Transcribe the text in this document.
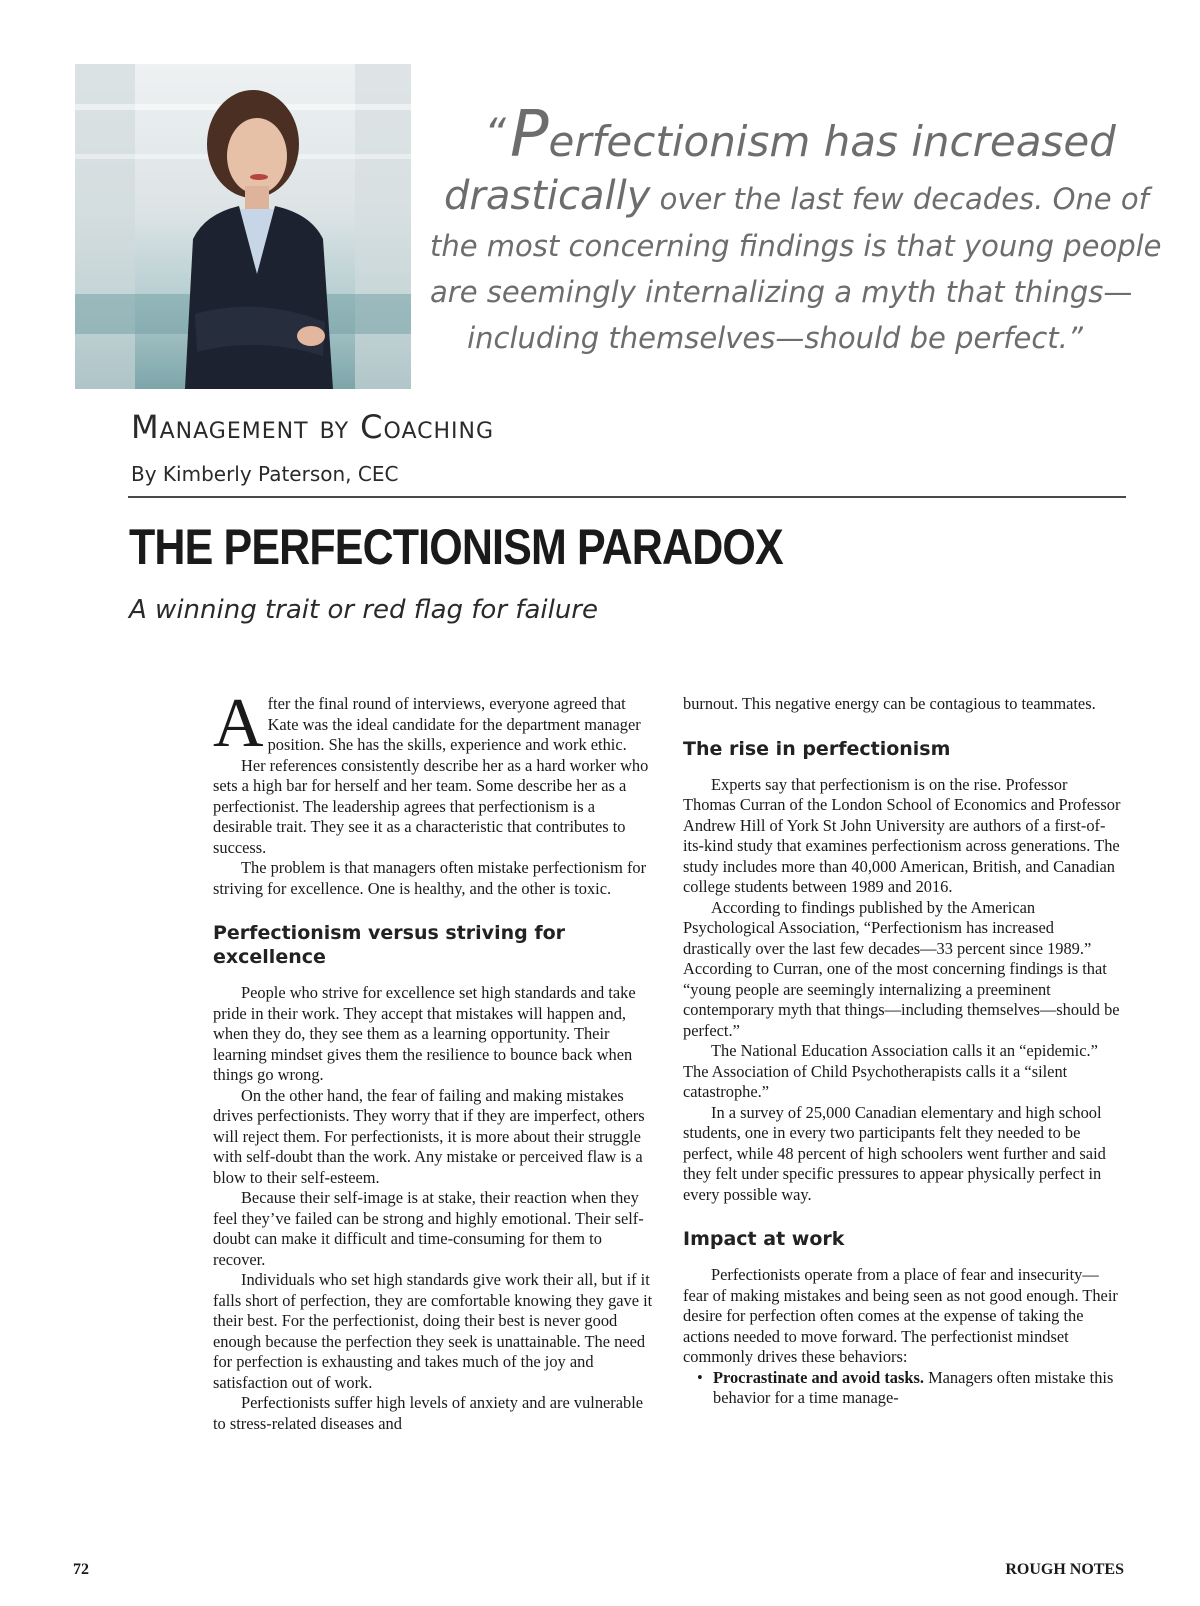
“Perfectionism has increased
drastically over the last few decades. One of
the most concerning findings is that young people
are seemingly internalizing a myth that things—
including themselves—should be perfect.”
Management by Coaching
By Kimberly Paterson, CEC
THE PERFECTIONISM PARADOX
A winning trait or red flag for failure

After the final round of interviews, everyone agreed that Kate was the ideal candidate for the department manager position. She has the skills, experience and work ethic.

Her references consistently describe her as a hard worker who sets a high bar for herself and her team. Some describe her as a perfectionist. The leadership agrees that perfectionism is a desirable trait. They see it as a characteristic that contributes to success.

The problem is that managers often mistake perfectionism for striving for excellence. One is healthy, and the other is toxic.

Perfectionism versus striving for excellence

People who strive for excellence set high standards and take pride in their work. They accept that mistakes will happen and, when they do, they see them as a learning opportunity. Their learning mindset gives them the resilience to bounce back when things go wrong.

On the other hand, the fear of failing and making mistakes drives perfectionists. They worry that if they are imperfect, others will reject them. For perfectionists, it is more about their struggle with self-doubt than the work. Any mistake or perceived flaw is a blow to their self-esteem.

Because their self-image is at stake, their reaction when they feel they’ve failed can be strong and highly emotional. Their self-doubt can make it difficult and time-consuming for them to recover.

Individuals who set high standards give work their all, but if it falls short of perfection, they are comfortable knowing they gave it their best. For the perfectionist, doing their best is never good enough because the perfection they seek is unattainable. The need for perfection is exhausting and takes much of the joy and satisfaction out of work.

Perfectionists suffer high levels of anxiety and are vulnerable to stress-related diseases and

burnout. This negative energy can be contagious to teammates.

The rise in perfectionism

Experts say that perfectionism is on the rise. Professor Thomas Curran of the London School of Economics and Professor Andrew Hill of York St John University are authors of a first-of-its-kind study that examines perfectionism across generations. The study includes more than 40,000 American, British, and Canadian college students between 1989 and 2016.

According to findings published by the American Psychological Association, “Perfectionism has increased drastically over the last few decades—33 percent since 1989.” According to Curran, one of the most concerning findings is that “young people are seemingly internalizing a preeminent contemporary myth that things—including themselves—should be perfect.”

The National Education Association calls it an “epidemic.” The Association of Child Psychotherapists calls it a “silent catastrophe.”

In a survey of 25,000 Canadian elementary and high school students, one in every two participants felt they needed to be perfect, while 48 percent of high schoolers went further and said they felt under specific pressures to appear physically perfect in every possible way.

Impact at work

Perfectionists operate from a place of fear and insecurity—fear of making mistakes and being seen as not good enough. Their desire for perfection often comes at the expense of taking the actions needed to move forward. The perfectionist mindset commonly drives these behaviors:

• Procrastinate and avoid tasks. Managers often mistake this behavior for a time manage-
72	ROUGH NOTES
